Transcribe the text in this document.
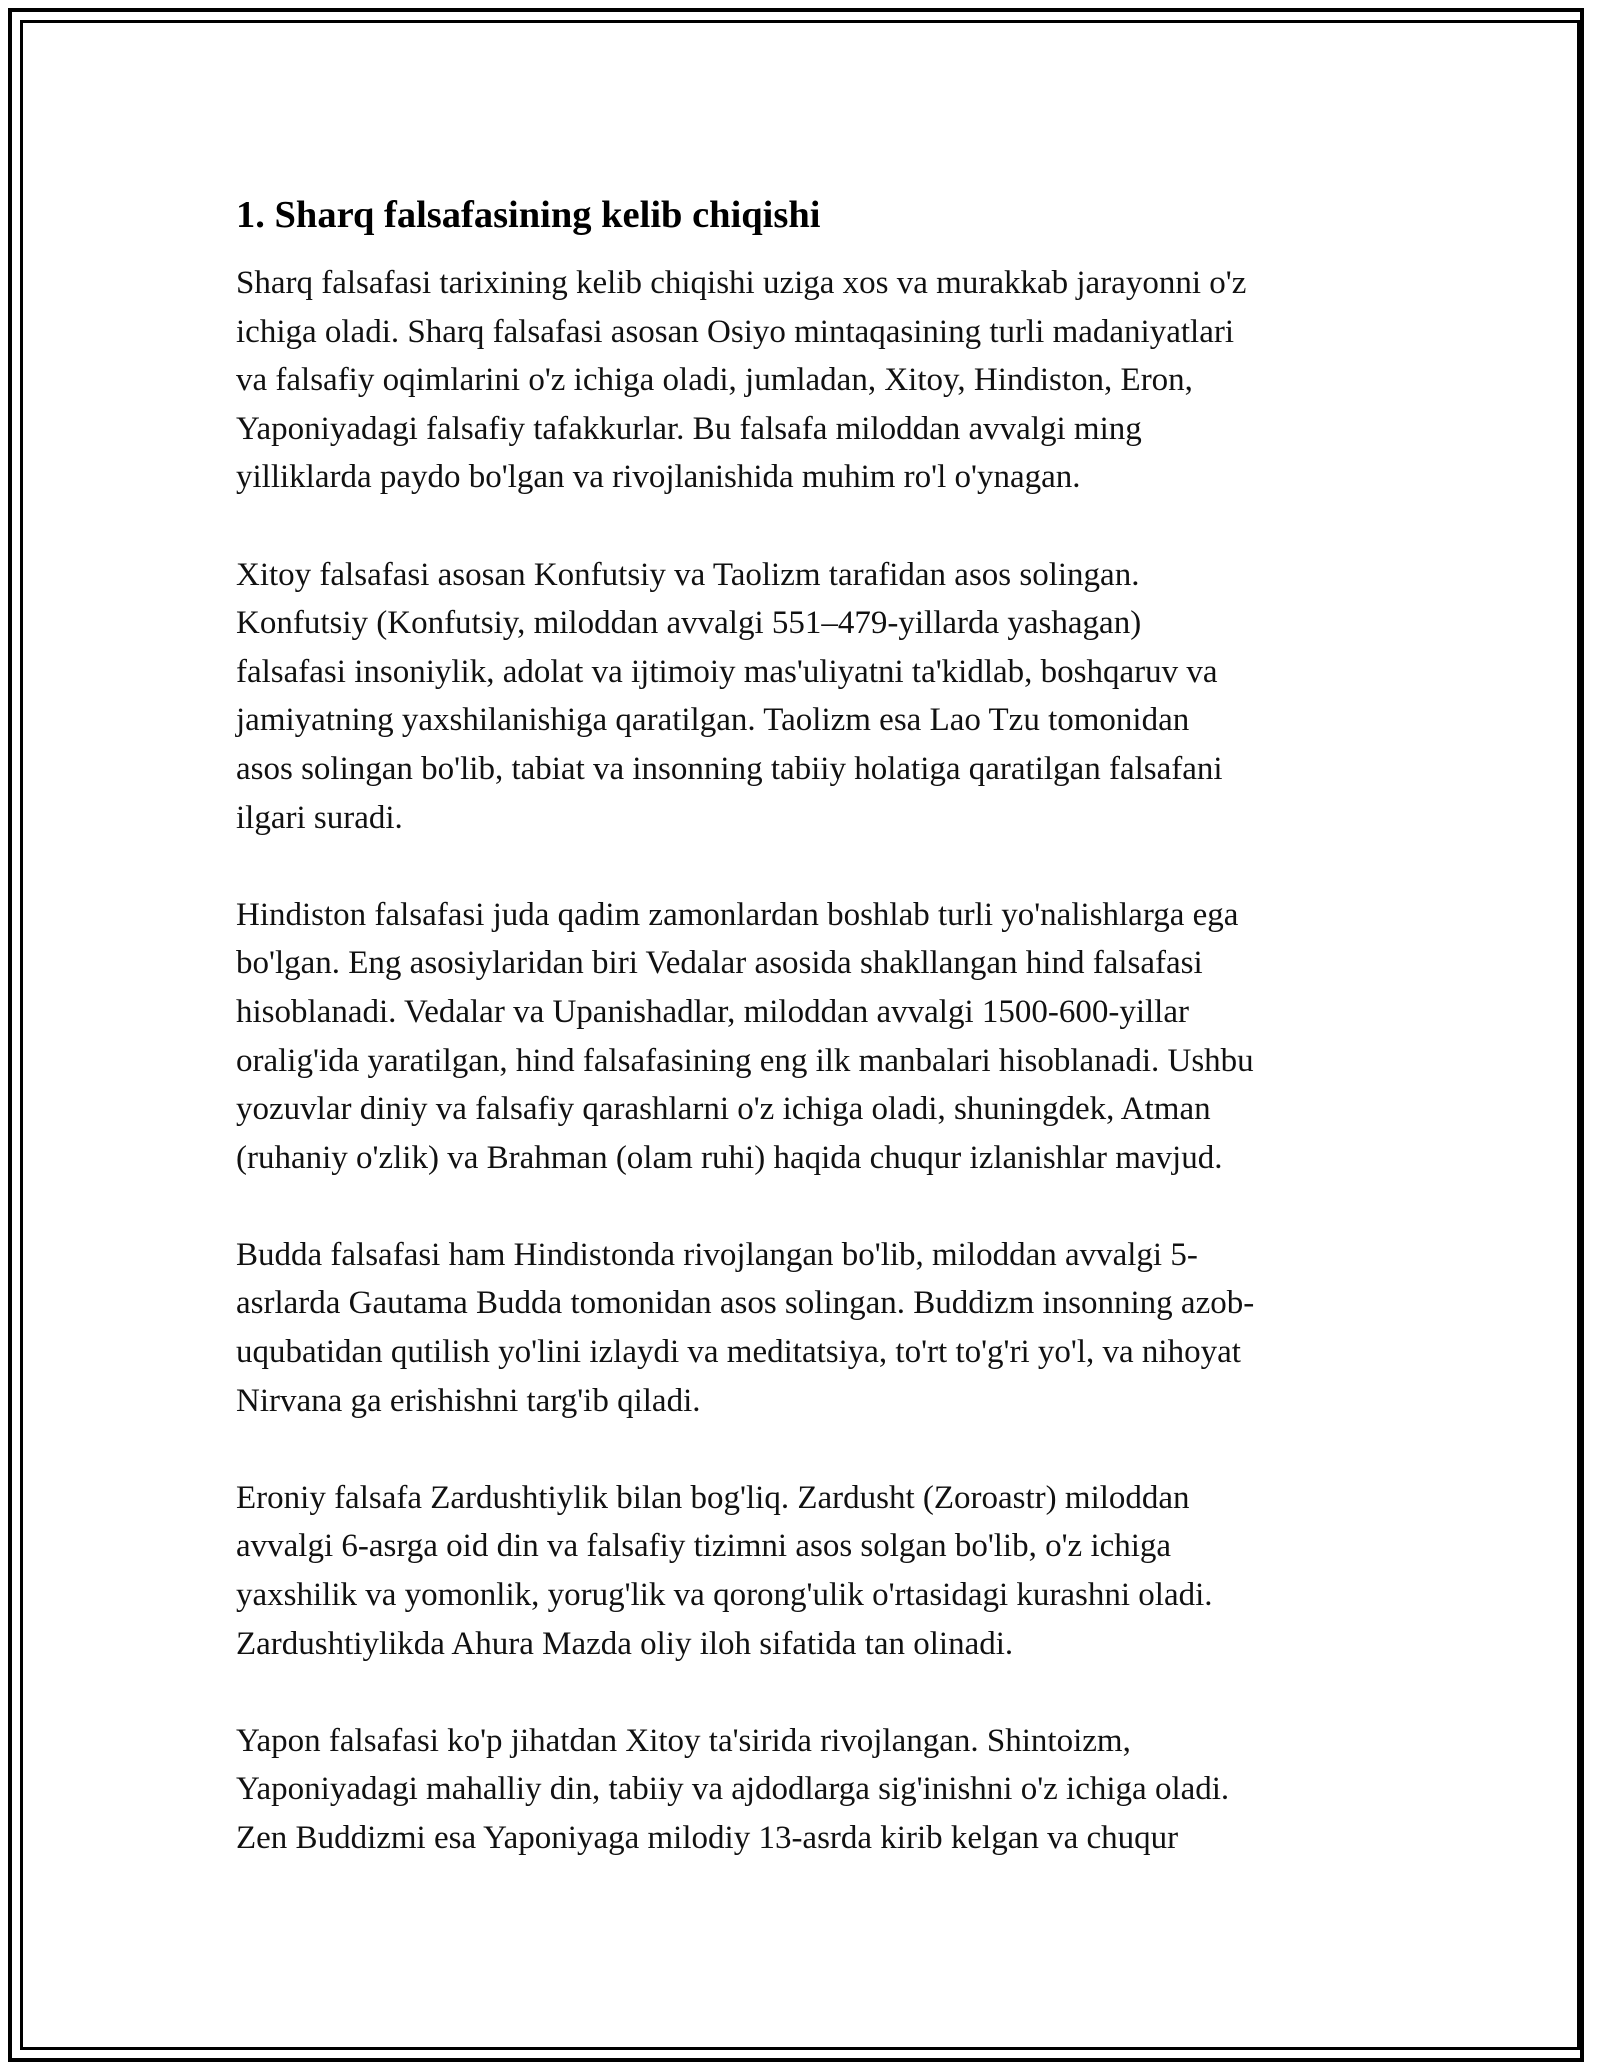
1. Sharq falsafasining kelib chiqishi
Sharq falsafasi tarixining kelib chiqishi uziga xos va murakkab jarayonni o'z
ichiga oladi. Sharq falsafasi asosan Osiyo mintaqasining turli madaniyatlari
va falsafiy oqimlarini o'z ichiga oladi, jumladan, Xitoy, Hindiston, Eron,
Yaponiyadagi falsafiy tafakkurlar. Bu falsafa miloddan avvalgi ming
yilliklarda paydo bo'lgan va rivojlanishida muhim ro'l o'ynagan.
Xitoy falsafasi asosan Konfutsiy va Taolizm tarafidan asos solingan.
Konfutsiy (Konfutsiy, miloddan avvalgi 551–479-yillarda yashagan)
falsafasi insoniylik, adolat va ijtimoiy mas'uliyatni ta'kidlab, boshqaruv va
jamiyatning yaxshilanishiga qaratilgan. Taolizm esa Lao Tzu tomonidan
asos solingan bo'lib, tabiat va insonning tabiiy holatiga qaratilgan falsafani
ilgari suradi.
Hindiston falsafasi juda qadim zamonlardan boshlab turli yo'nalishlarga ega
bo'lgan. Eng asosiylaridan biri Vedalar asosida shakllangan hind falsafasi
hisoblanadi. Vedalar va Upanishadlar, miloddan avvalgi 1500-600-yillar
oralig'ida yaratilgan, hind falsafasining eng ilk manbalari hisoblanadi. Ushbu
yozuvlar diniy va falsafiy qarashlarni o'z ichiga oladi, shuningdek, Atman
(ruhaniy o'zlik) va Brahman (olam ruhi) haqida chuqur izlanishlar mavjud.
Budda falsafasi ham Hindistonda rivojlangan bo'lib, miloddan avvalgi 5-
asrlarda Gautama Budda tomonidan asos solingan. Buddizm insonning azob-
uqubatidan qutilish yo'lini izlaydi va meditatsiya, to'rt to'g'ri yo'l, va nihoyat
Nirvana ga erishishni targ'ib qiladi.
Eroniy falsafa Zardushtiylik bilan bog'liq. Zardusht (Zoroastr) miloddan
avvalgi 6-asrga oid din va falsafiy tizimni asos solgan bo'lib, o'z ichiga
yaxshilik va yomonlik, yorug'lik va qorong'ulik o'rtasidagi kurashni oladi.
Zardushtiylikda Ahura Mazda oliy iloh sifatida tan olinadi.
Yapon falsafasi ko'p jihatdan Xitoy ta'sirida rivojlangan. Shintoizm,
Yaponiyadagi mahalliy din, tabiiy va ajdodlarga sig'inishni o'z ichiga oladi.
Zen Buddizmi esa Yaponiyaga milodiy 13-asrda kirib kelgan va chuqur
